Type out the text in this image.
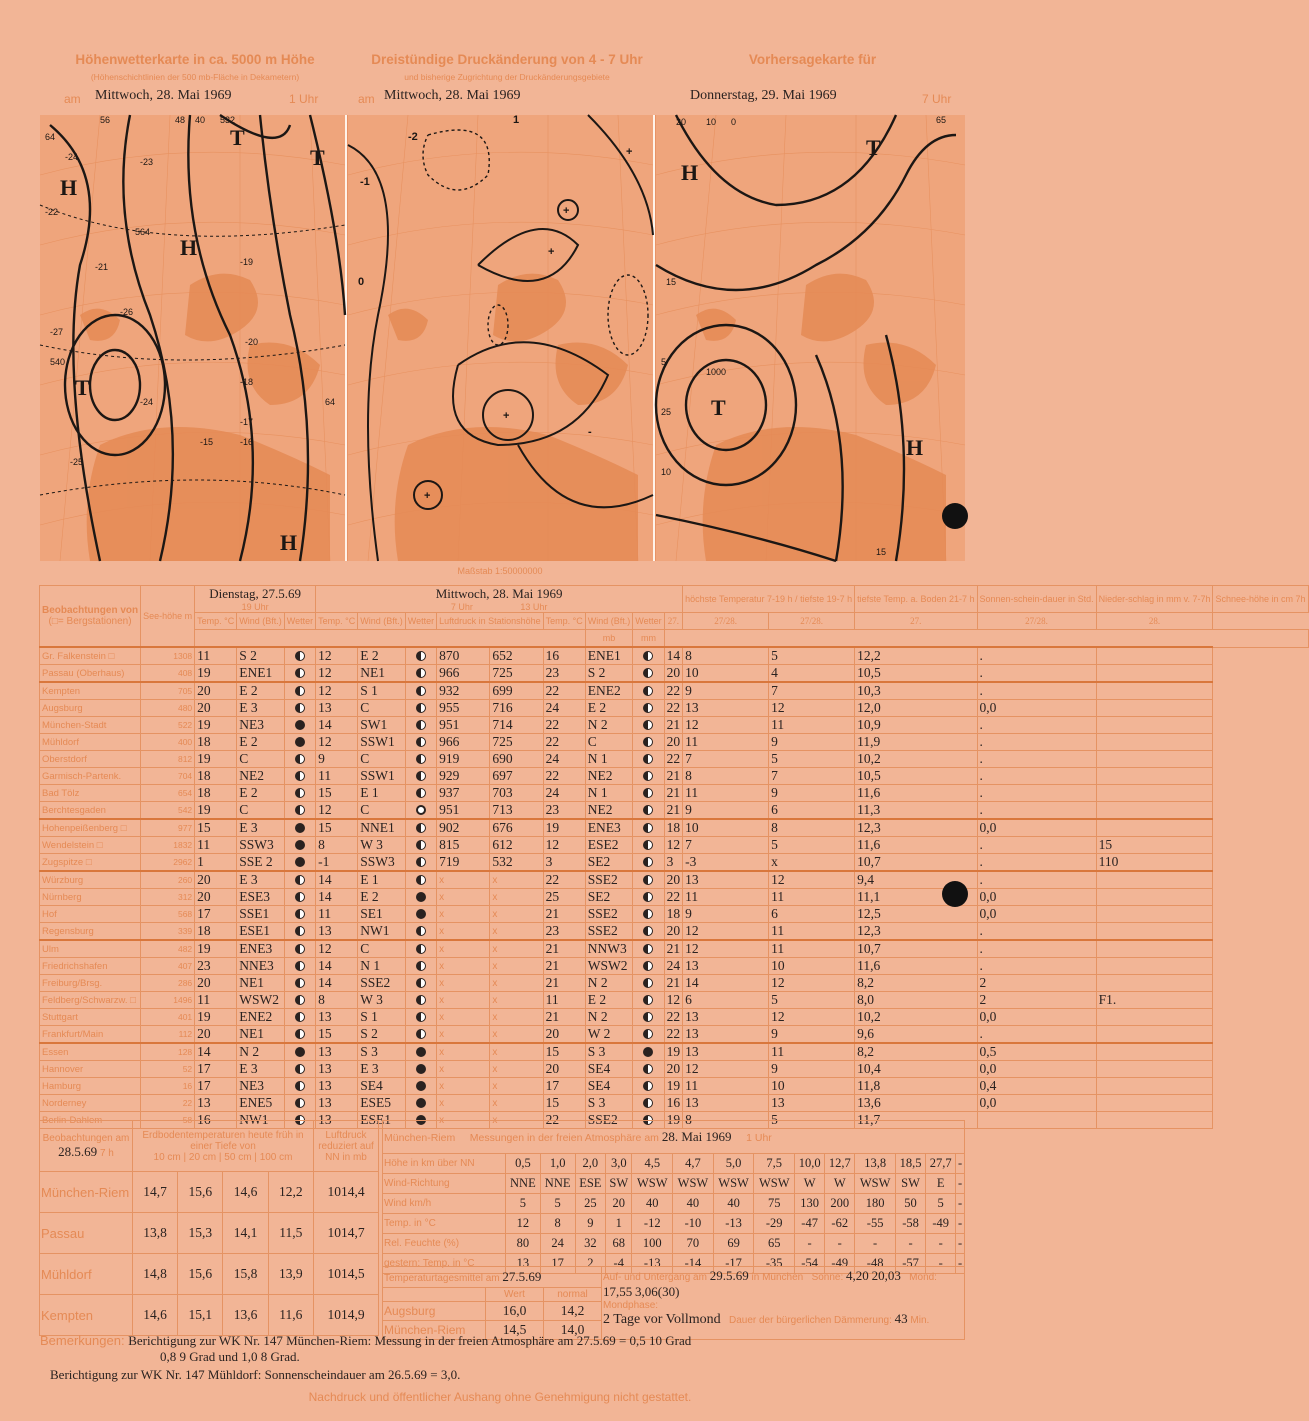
Höhenwetterkarte in ca. 5000 m Höhe
(Höhenschichtlinien der 500 mb-Fläche in Dekametern)
am Mittwoch, 28. Mai 1969	1 Uhr
Dreistündige Druckänderung von 4 - 7 Uhr
und bisherige Zugrichtung der Druckänderungsgebiete
am Mittwoch, 28. Mai 1969
Vorhersagekarte für
Donnerstag, 29. Mai 1969	7 Uhr
H
H
T
T
T
H
56	48 40 532
64
-24	-23
-22
-21	-19
-20
-18
-17
-16
-15
-25
-27
-26
-24
540
564
64
+
+
+
+
+
0
-1
-2
1
-
H
T
T
H
20 10 0	65
15
1000
5
25
10
15
Maßstab 1:50000000
Beobachtungen von
(□= Bergstationen)	See-höhe m	Dienstag, 27.5.69
19 Uhr			Mittwoch, 28. Mai 1969
7 Uhr 13 Uhr									höchste Temperatur 7-19 h / tiefste 19-7 h		tiefste Temp. a. Boden 21-7 h	Sonnen-schein-dauer in Std.	Nieder-schlag in mm v. 7-7h	Schnee-höhe in cm 7h
		Temp. °C	Wind (Bft.)	Wetter	Temp. °C	Wind (Bft.)	Wetter	Luftdruck in Stationshöhe		Temp. °C	Wind (Bft.)	Wetter	27.	27/28.	27/28.	27.	27/28.	28.	
											mb	mm							
Gr. Falkenstein □	1308	11	S 2		12	E 2		870	652	16	ENE1		14	8	5	12,2	.		
Passau (Oberhaus)	408	19	ENE1		12	NE1		966	725	23	S 2		20	10	4	10,5	.		
Kempten	705	20	E 2		12	S 1		932	699	22	ENE2		22	9	7	10,3	.		
Augsburg	480	20	E 3		13	C		955	716	24	E 2		22	13	12	12,0	0,0		
München-Stadt	522	19	NE3		14	SW1		951	714	22	N 2		21	12	11	10,9	.		
Mühldorf	400	18	E 2		12	SSW1		966	725	22	C		20	11	9	11,9	.		
Oberstdorf	812	19	C		9	C		919	690	24	N 1		22	7	5	10,2	.		
Garmisch-Partenk.	704	18	NE2		11	SSW1		929	697	22	NE2		21	8	7	10,5	.		
Bad Tölz	654	18	E 2		15	E 1		937	703	24	N 1		21	11	9	11,6	.		
Berchtesgaden	542	19	C		12	C		951	713	23	NE2		21	9	6	11,3	.		
Hohenpeißenberg □	977	15	E 3		15	NNE1		902	676	19	ENE3		18	10	8	12,3	0,0		
Wendelstein □	1832	11	SSW3		8	W 3		815	612	12	ESE2		12	7	5	11,6	.	15	
Zugspitze □	2962	1	SSE 2		-1	SSW3		719	532	3	SE2		3	-3	x	10,7	.	110	
Würzburg	260	20	E 3		14	E 1		x	x	22	SSE2		20	13	12	9,4	.		
Nürnberg	312	20	ESE3		14	E 2		x	x	25	SE2		22	11	11	11,1	0,0		
Hof	568	17	SSE1		11	SE1		x	x	21	SSE2		18	9	6	12,5	0,0		
Regensburg	339	18	ESE1		13	NW1		x	x	23	SSE2		20	12	11	12,3	.		
Ulm	482	19	ENE3		12	C		x	x	21	NNW3		21	12	11	10,7	.		
Friedrichshafen	407	23	NNE3		14	N 1		x	x	21	WSW2		24	13	10	11,6	.		
Freiburg/Brsg.	286	20	NE1		14	SSE2		x	x	21	N 2		21	14	12	8,2	2		
Feldberg/Schwarzw. □	1496	11	WSW2		8	W 3		x	x	11	E 2		12	6	5	8,0	2	F1.	
Stuttgart	401	19	ENE2		13	S 1		x	x	21	N 2		22	13	12	10,2	0,0		
Frankfurt/Main	112	20	NE1		15	S 2		x	x	20	W 2		22	13	9	9,6	.		
Essen	128	14	N 2		13	S 3		x	x	15	S 3		19	13	11	8,2	0,5		
Hannover	52	17	E 3		13	E 3		x	x	20	SE4		20	12	9	10,4	0,0		
Hamburg	16	17	NE3		13	SE4		x	x	17	SE4		19	11	10	11,8	0,4		
Norderney	22	13	ENE5		13	ESE5		x	x	15	S 3		16	13	13	13,6	0,0		
Berlin-Dahlem	58	16	NW1		13	ESE1		x	x	22	SSE2		19	8	5	11,7			
Beobachtungen am
28.5.69 7 h	Erdbodentemperaturen heute früh in einer Tiefe von
10 cm | 20 cm | 50 cm | 100 cm				Luftdruck reduziert auf NN in mb
München-Riem	14,7	15,6	14,6	12,2	1014,4
Passau	13,8	15,3	14,1	11,5	1014,7
Mühldorf	14,8	15,6	15,8	13,9	1014,5
Kempten	14,6	15,1	13,6	11,6	1014,9
München-Riem Messungen in der freien Atmosphäre am 28. Mai 1969 1 Uhr														
Höhe in km über NN	0,5	1,0	2,0	3,0	4,5	4,7	5,0	7,5	10,0	12,7	13,8	18,5	27,7	-
Wind-Richtung	NNE	NNE	ESE	SW	WSW	WSW	WSW	WSW	W	W	WSW	SW	E	-
Wind km/h	5	5	25	20	40	40	40	75	130	200	180	50	5	-
Temp. in °C	12	8	9	1	-12	-10	-13	-29	-47	-62	-55	-58	-49	-
Rel. Feuchte (%)	80	24	32	68	100	70	69	65	-	-	-	-	-	-
gestern: Temp. in °C	13	17	2	-4	-13	-14	-17	-35	-54	-49	-48	-57	-	-
Temperaturtagesmittel am 27.5.69			Auf- und Untergang am 29.5.69 in München Sonne: 4,20 20,03 Mond: 17,55 3,06(30)
Mondphase:
2 Tage vor Vollmond Dauer der bürgerlichen Dämmerung: 43 Min.
	Wert	normal	
Augsburg	16,0	14,2	
München-Riem	14,5	14,0	
Bemerkungen: Berichtigung zur WK Nr. 147 München-Riem: Messung in der freien Atmosphäre am 27.5.69 = 0,5 10 Grad
0,8 9 Grad und 1,0 8 Grad.
Berichtigung zur WK Nr. 147 Mühldorf: Sonnenscheindauer am 26.5.69 = 3,0.
Nachdruck und öffentlicher Aushang ohne Genehmigung nicht gestattet.
